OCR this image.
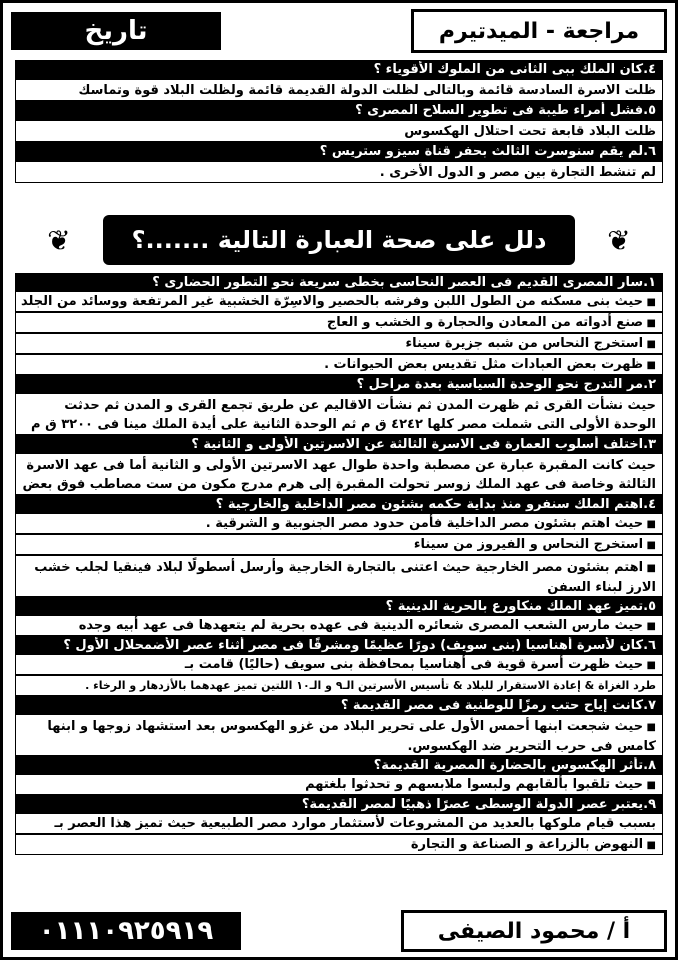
مراجعة - الميدتيرم
تاريخ
٤.كان الملك ببى الثانى من الملوك الأقوياء ؟
ظلت الاسرة السادسة قائمة وبالتالى لظلت الدولة القديمة قائمة ولظلت البلاد قوة وتماسك
٥.فشل أمراء طيبة فى تطوير السلاح المصرى ؟
ظلت البلاد قابعة تحت احتلال الهكسوس
٦.لم يقم سنوسرت الثالث بحفر قناة سيزو ستريس ؟
لم تنشط التجارة بين مصر و الدول الأخرى .
❦
دلل على صحة العبارة التالية .......؟
❦
١.سار المصرى القديم فى العصر النحاسى بخطى سريعة نحو التطور الحضارى ؟
■ حيث بنى مسكنه من الطول اللبن وفرشه بالحصير والاسِرّة الخشبية غير المرتفعة ووسائد من الجلد
■ صنع أدواته من المعادن والحجارة و الخشب و العاج
■ استخرج النحاس من شبه جزيرة سيناء
■ ظهرت بعض العبادات مثل تقديس بعض الحيوانات .
٢.مر التدرج نحو الوحدة السياسية بعدة مراحل ؟
حيث نشأت القرى ثم ظهرت المدن ثم نشأت الاقاليم عن طريق تجمع القرى و المدن ثم حدثت الوحدة الأولى التى شملت مصر كلها ٤٢٤٢ ق م ثم الوحدة الثانية على أيدة الملك مينا فى ٣٢٠٠ ق م
٣.اختلف أسلوب العمارة فى الاسرة الثالثة عن الاسرتين الأولى و الثانية ؟
حيث كانت المقبرة عبارة عن مصطبة واحدة طوال عهد الاسرتين الأولى و الثانية أما فى عهد الاسرة الثالثة وخاصة فى عهد الملك زوسر تحولت المقبرة إلى هرم مدرج مكون من ست مصاطب فوق بعض
٤.اهتم الملك سنفرو منذ بداية حكمه بشئون مصر الداخلية والخارجية ؟
■ حيث اهتم بشئون مصر الداخلية فأمن حدود مصر الجنوبية و الشرقية .
■ استخرج النحاس و الفيروز من سيناء
■ اهتم بشئون مصر الخارجية حيث اعتنى بالتجارة الخارجية وأرسل أسطولًا لبلاد فينقيا لجلب خشب الارز لبناء السفن
٥.تميز عهد الملك منكاورع بالحرية الدينية ؟
■ حيث مارس الشعب المصرى شعائره الدينية فى عهده بحرية لم يتعهدها فى عهد أبيه وجده
٦.كان لأسرة أهناسيا (بنى سويف) دورًا عظيمًا ومشرقًا فى مصر أثناء عصر الأضمحلال الأول ؟
■ حيث ظهرت أسرة قوية فى أهناسيا بمحافظة بنى سويف (حاليًا) قامت بـ
طرد الغزاة & إعادة الاستقرار للبلاد & تأسيس الأسرتين الـ٩ و الـ١٠ اللتين تميز عهدهما بالأزدهار و الرخاء .
٧.كانت إياح حتب رمزًا للوطنية فى مصر القديمة ؟
■ حيث شجعت ابنها أحمس الأول على تحرير البلاد من غزو الهكسوس بعد استشهاد زوجها و ابنها كامس فى حرب التحرير ضد الهكسوس.
٨.تأثر الهكسوس بالحضارة المصرية القديمة؟
■ حيث تلقبوا بألقابهم ولبسوا ملابسهم و تحدثوا بلغتهم
٩.يعتبر عصر الدولة الوسطى عصرًا ذهبيًا لمصر القديمة؟
بسبب قيام ملوكها بالعديد من المشروعات لأستثمار موارد مصر الطبيعية حيث تميز هذا العصر بـ
■ النهوض بالزراعة و الصناعة و التجارة
أ / محمود الصيفى
٠١١١٠٩٢٥٩١٩
